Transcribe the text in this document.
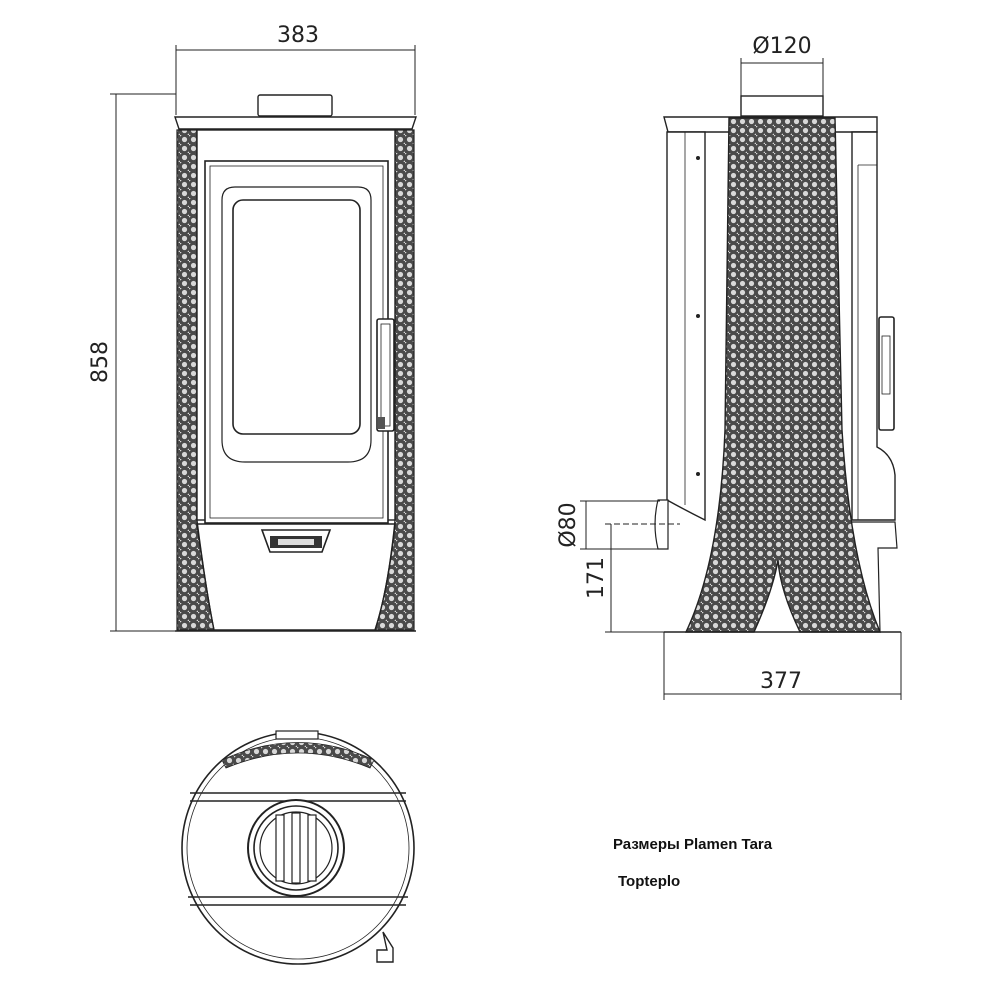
383
858
Ø120
Ø80
171
377
Размеры Plamen Tara
Topteplo
